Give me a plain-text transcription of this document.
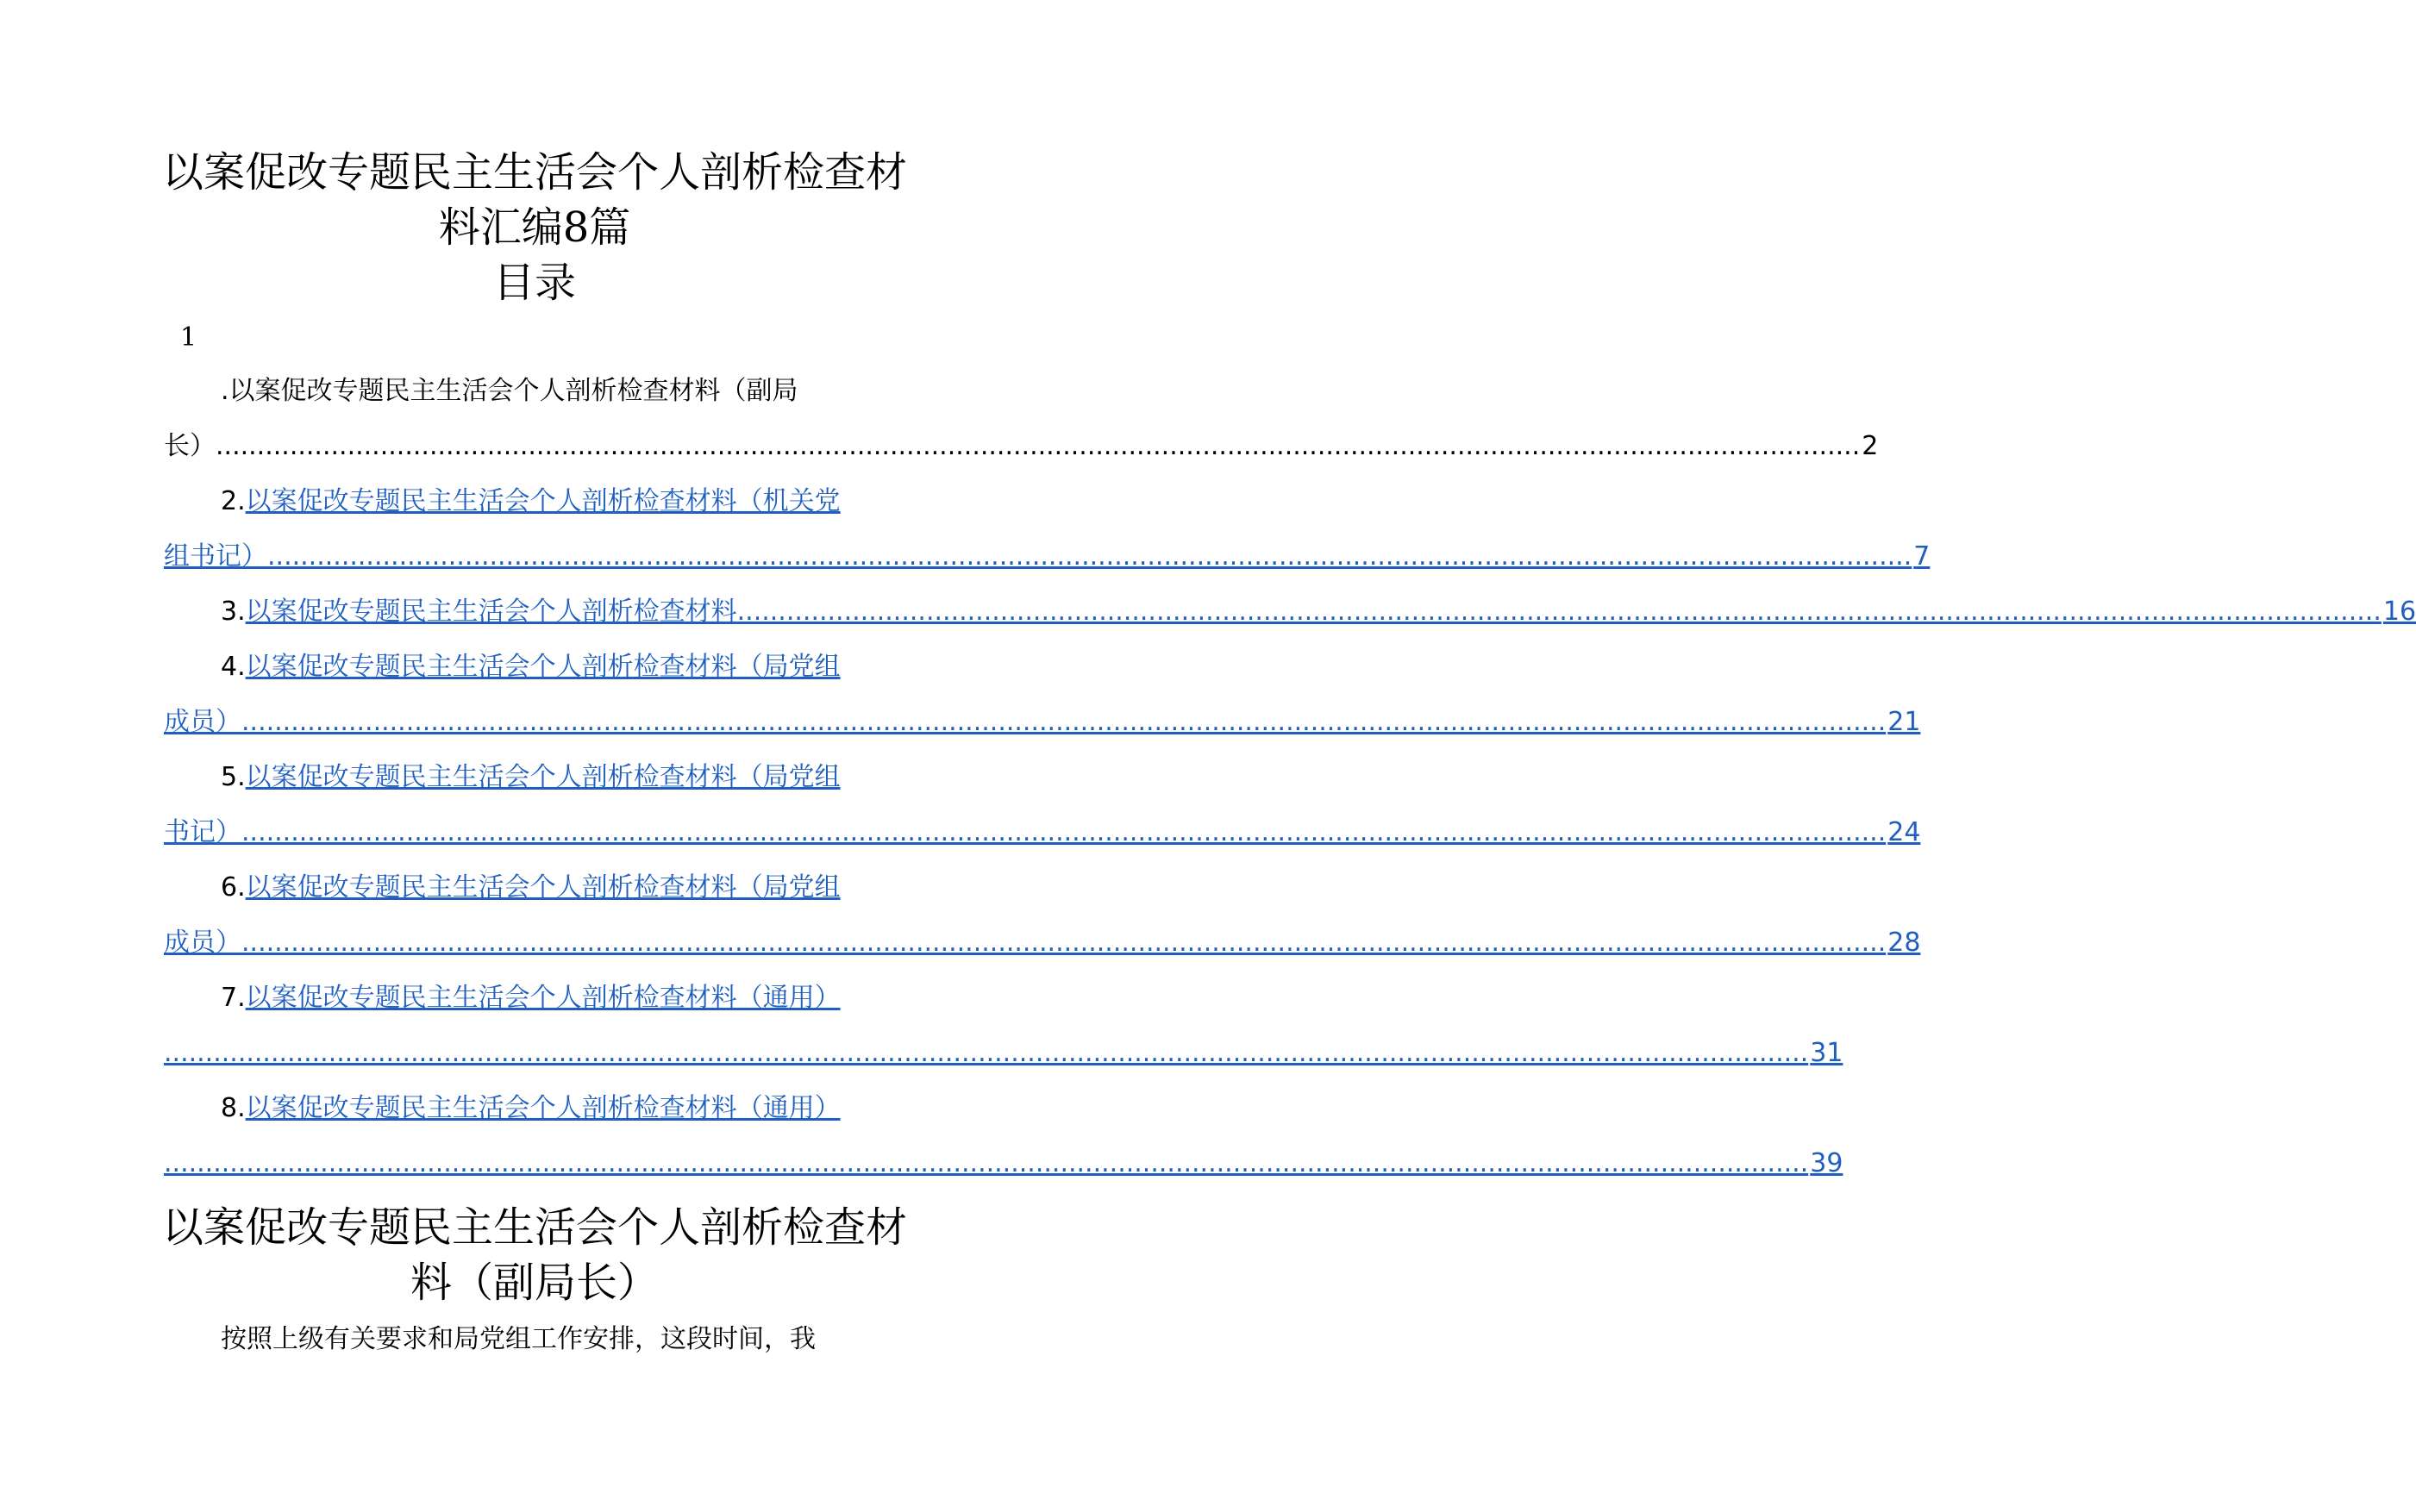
以案促改专题民主生活会个人剖析检查材
料汇编8篇
目录
1
.以案促改专题民主生活会个人剖析检查材料（副局
长） ........................................................................................................................................................................................................ 2
2.以案促改专题民主生活会个人剖析检查材料（机关党
组书记） ........................................................................................................................................................................................................ 7
3. 以案促改专题民主生活会个人剖析检查材料 ........................................................................................................................................................................................................ 16
4.以案促改专题民主生活会个人剖析检查材料（局党组
成员） ........................................................................................................................................................................................................ 21
5.以案促改专题民主生活会个人剖析检查材料（局党组
书记） ........................................................................................................................................................................................................ 24
6.以案促改专题民主生活会个人剖析检查材料（局党组
成员） ........................................................................................................................................................................................................ 28
7.以案促改专题民主生活会个人剖析检查材料（通用）
........................................................................................................................................................................................................ 31
8.以案促改专题民主生活会个人剖析检查材料（通用）
........................................................................................................................................................................................................ 39
以案促改专题民主生活会个人剖析检查材
料（副局长）
按照上级有关要求和局党组工作安排，这段时间，我
